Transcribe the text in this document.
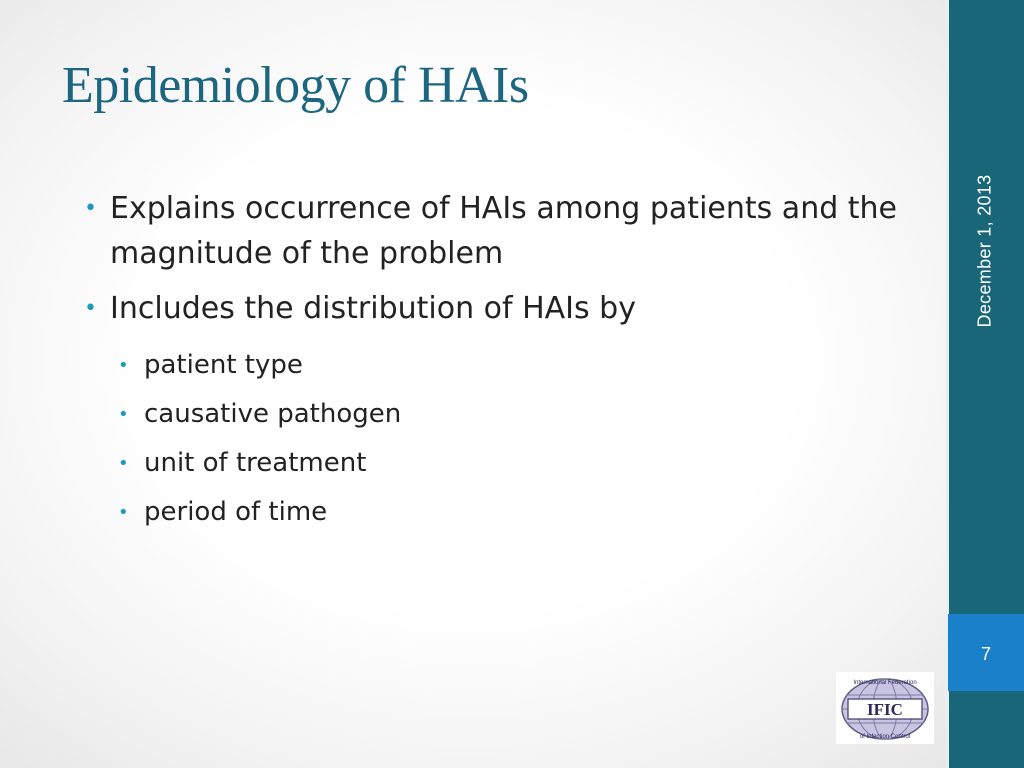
Epidemiology of HAIs
• Explains occurrence of HAIs among patients and the magnitude of the problem
• Includes the distribution of HAIs by
• patient type
• causative pathogen
• unit of treatment
• period of time
December 1, 2013
7
IFIC
International Federation
of Infection Control
